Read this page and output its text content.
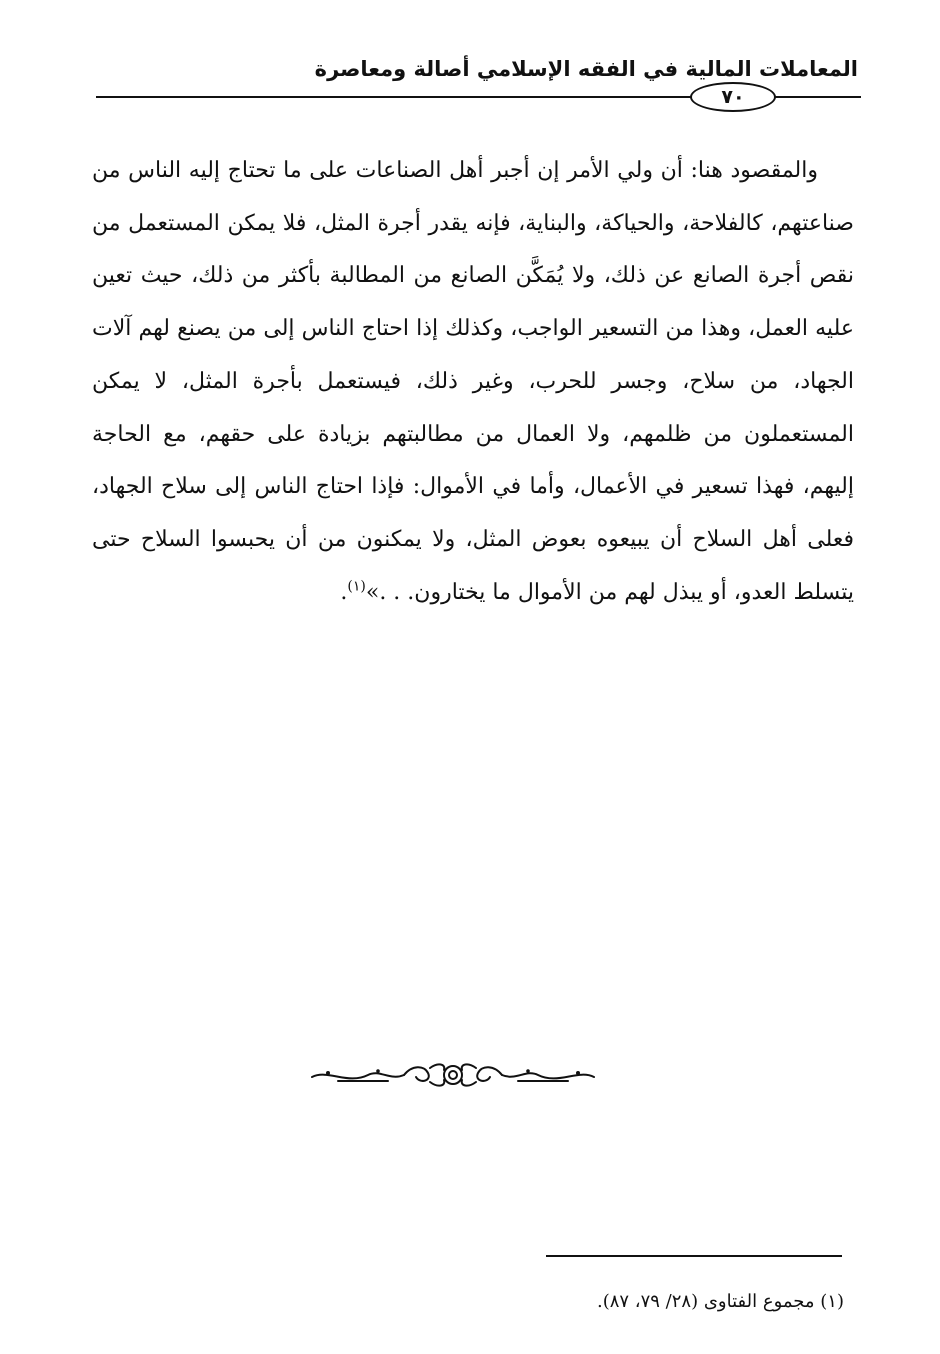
المعاملات المالية في الفقه الإسلامي أصالة ومعاصرة
٧٠

والمقصود هنا: أن ولي الأمر إن أجبر أهل الصناعات على ما تحتاج إليه الناس من صناعتهم، كالفلاحة، والحياكة، والبناية، فإنه يقدر أجرة المثل، فلا يمكن المستعمل من نقص أجرة الصانع عن ذلك، ولا يُمَكَّن الصانع من المطالبة بأكثر من ذلك، حيث تعين عليه العمل، وهذا من التسعير الواجب، وكذلك إذا احتاج الناس إلى من يصنع لهم آلات الجهاد، من سلاح، وجسر للحرب، وغير ذلك، فيستعمل بأجرة المثل، لا يمكن المستعملون من ظلمهم، ولا العمال من مطالبتهم بزيادة على حقهم، مع الحاجة إليهم، فهذا تسعير في الأعمال، وأما في الأموال: فإذا احتاج الناس إلى سلاح الجهاد، فعلى أهل السلاح أن يبيعوه بعوض المثل، ولا يمكنون من أن يحبسوا السلاح حتى يتسلط العدو، أو يبذل لهم من الأموال ما يختارون. . .»$^{(١)}$.

(١) مجموع الفتاوى (٢٨/ ٧٩، ٨٧).
